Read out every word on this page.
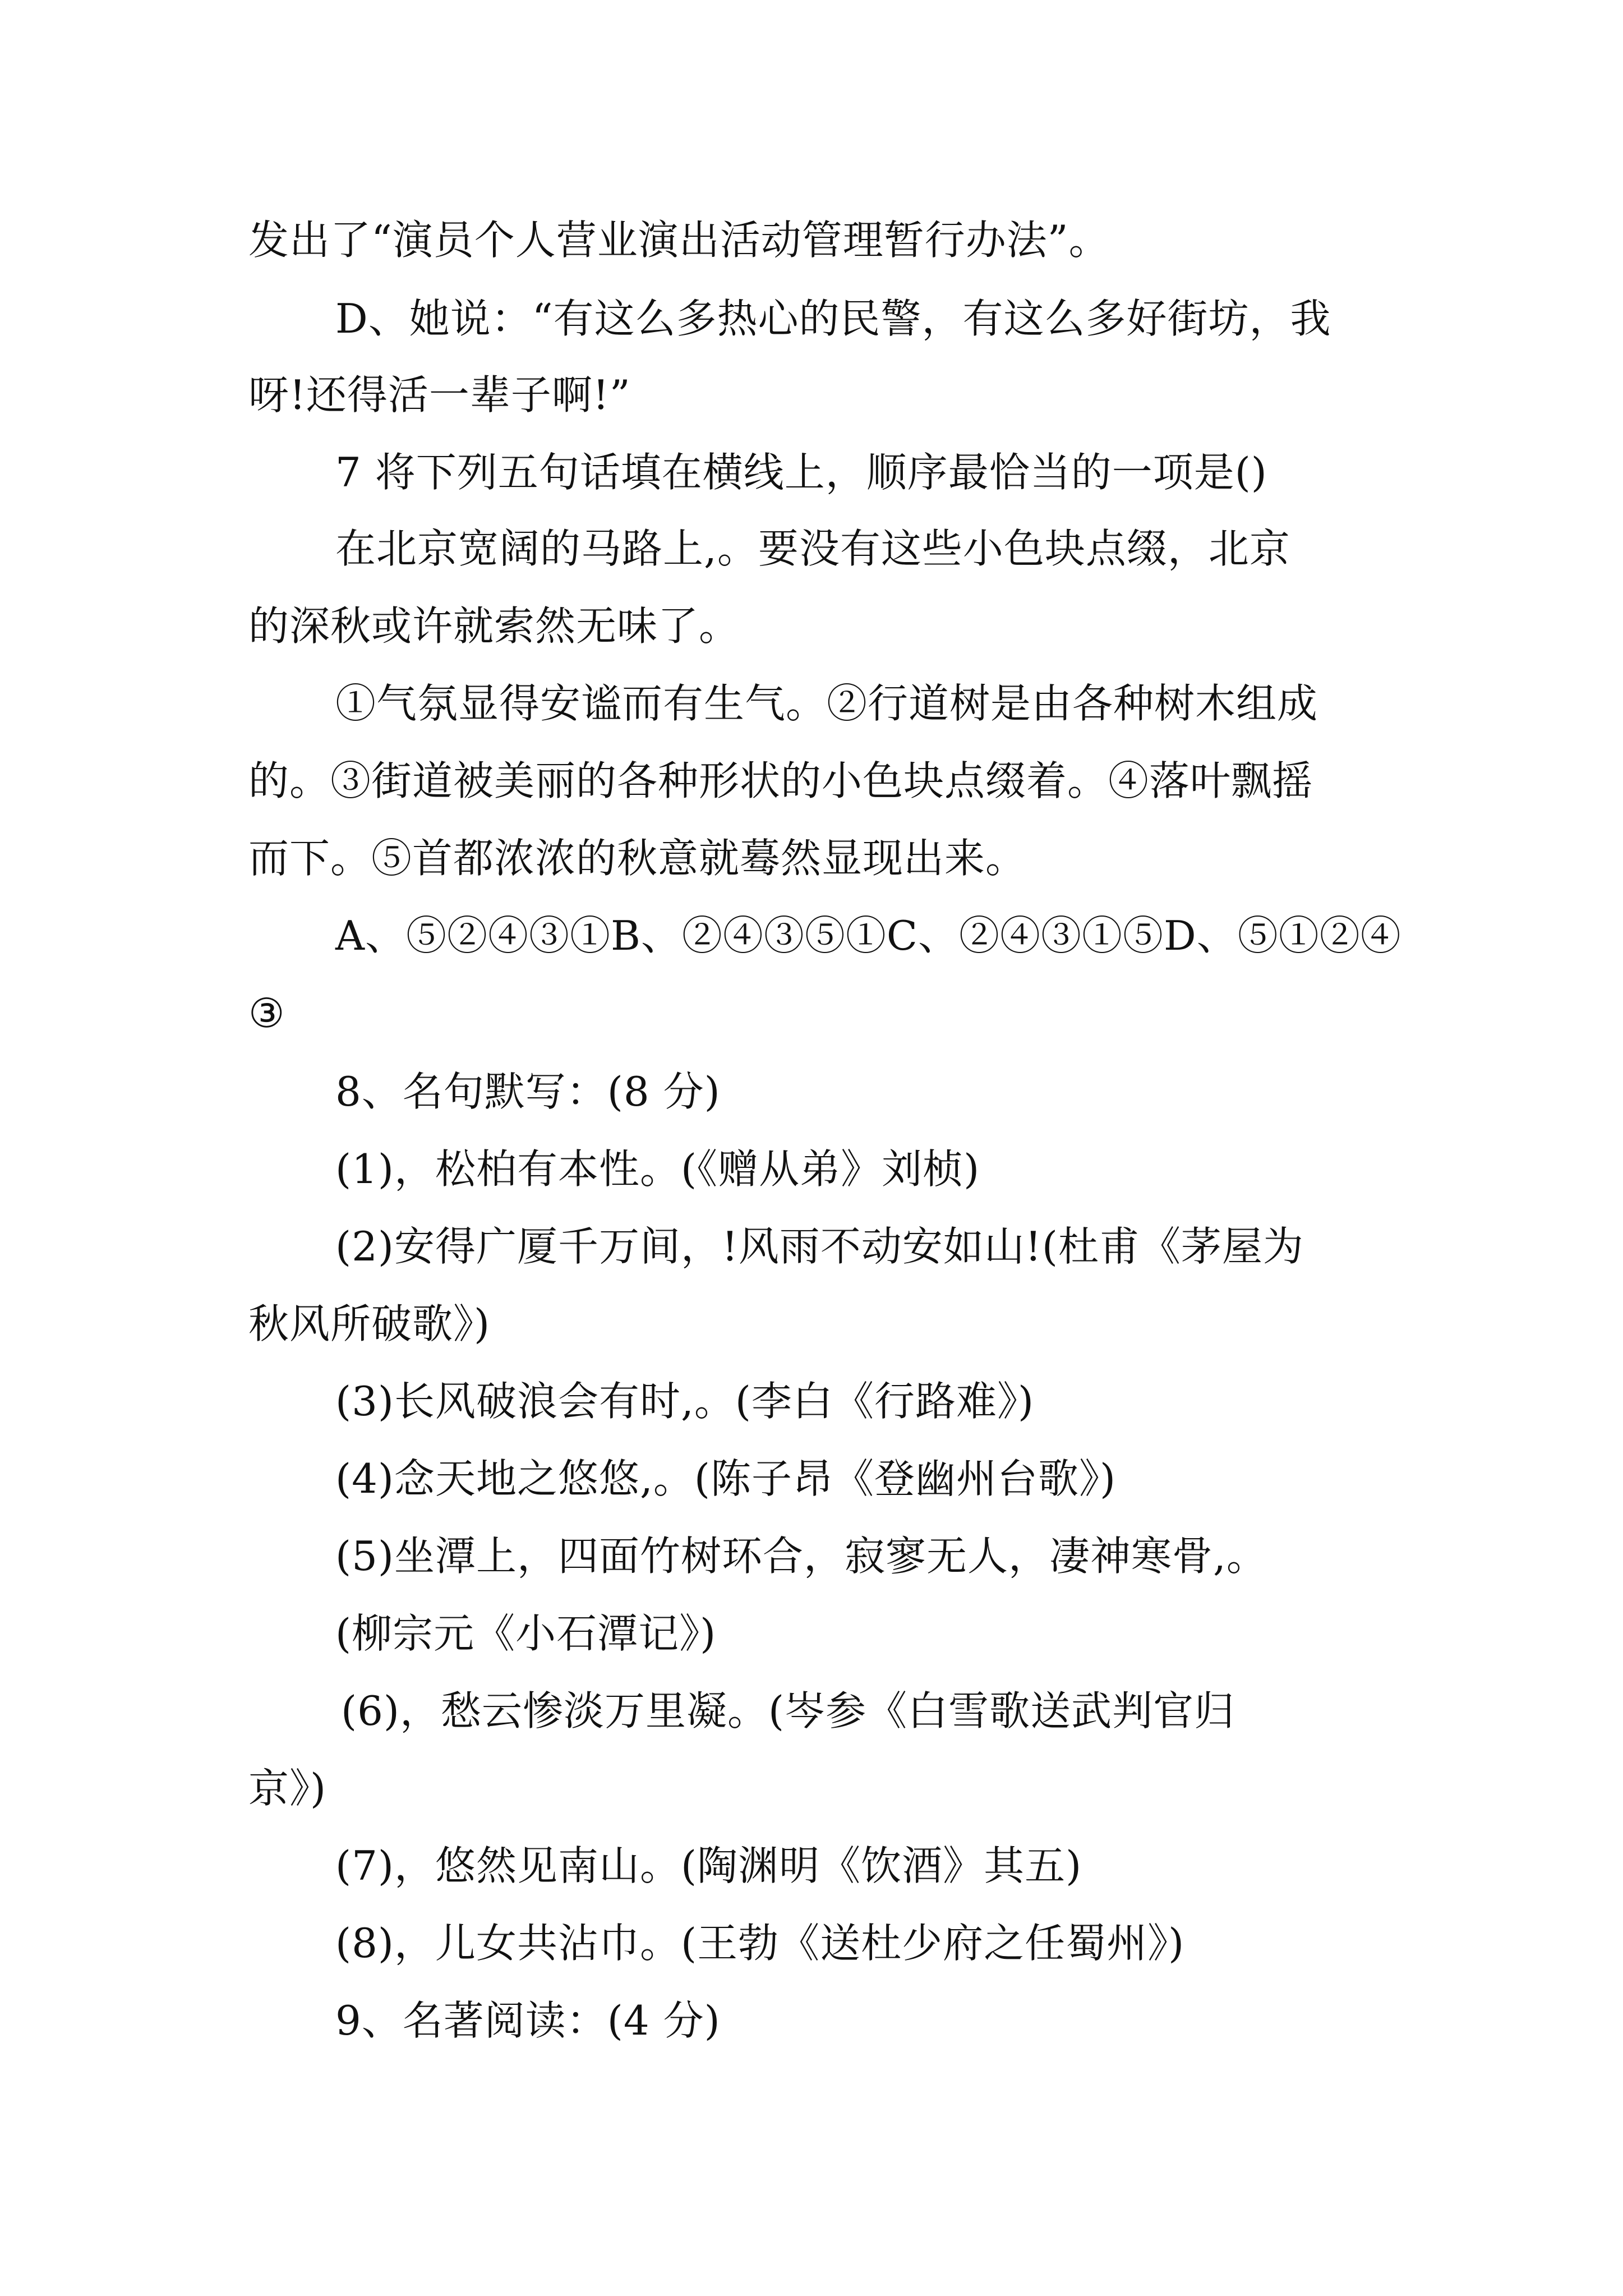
发出了“演员个人营业演出活动管理暂行办法”。
D、她说：“有这么多热心的民警，有这么多好街坊，我
呀!还得活一辈子啊!”
7 将下列五句话填在横线上，顺序最恰当的一项是()
在北京宽阔的马路上,。要没有这些小色块点缀，北京
的深秋或许就索然无味了。
①气氛显得安谧而有生气。②行道树是由各种树木组成
的。③街道被美丽的各种形状的小色块点缀着。④落叶飘摇
而下。⑤首都浓浓的秋意就蓦然显现出来。
A、⑤②④③①B、②④③⑤①C、②④③①⑤D、⑤①②④
③
8、名句默写：(8 分)
(1)，松柏有本性。(《赠从弟》刘桢)
(2)安得广厦千万间，!风雨不动安如山!(杜甫《茅屋为
秋风所破歌》)
(3)长风破浪会有时,。(李白《行路难》)
(4)念天地之悠悠,。(陈子昂《登幽州台歌》)
(5)坐潭上，四面竹树环合，寂寥无人，凄神寒骨,。
(柳宗元《小石潭记》)
(6)，愁云惨淡万里凝。(岑参《白雪歌送武判官归
京》)
(7)，悠然见南山。(陶渊明《饮酒》其五)
(8)，儿女共沾巾。(王勃《送杜少府之任蜀州》)
9、名著阅读：(4 分)
